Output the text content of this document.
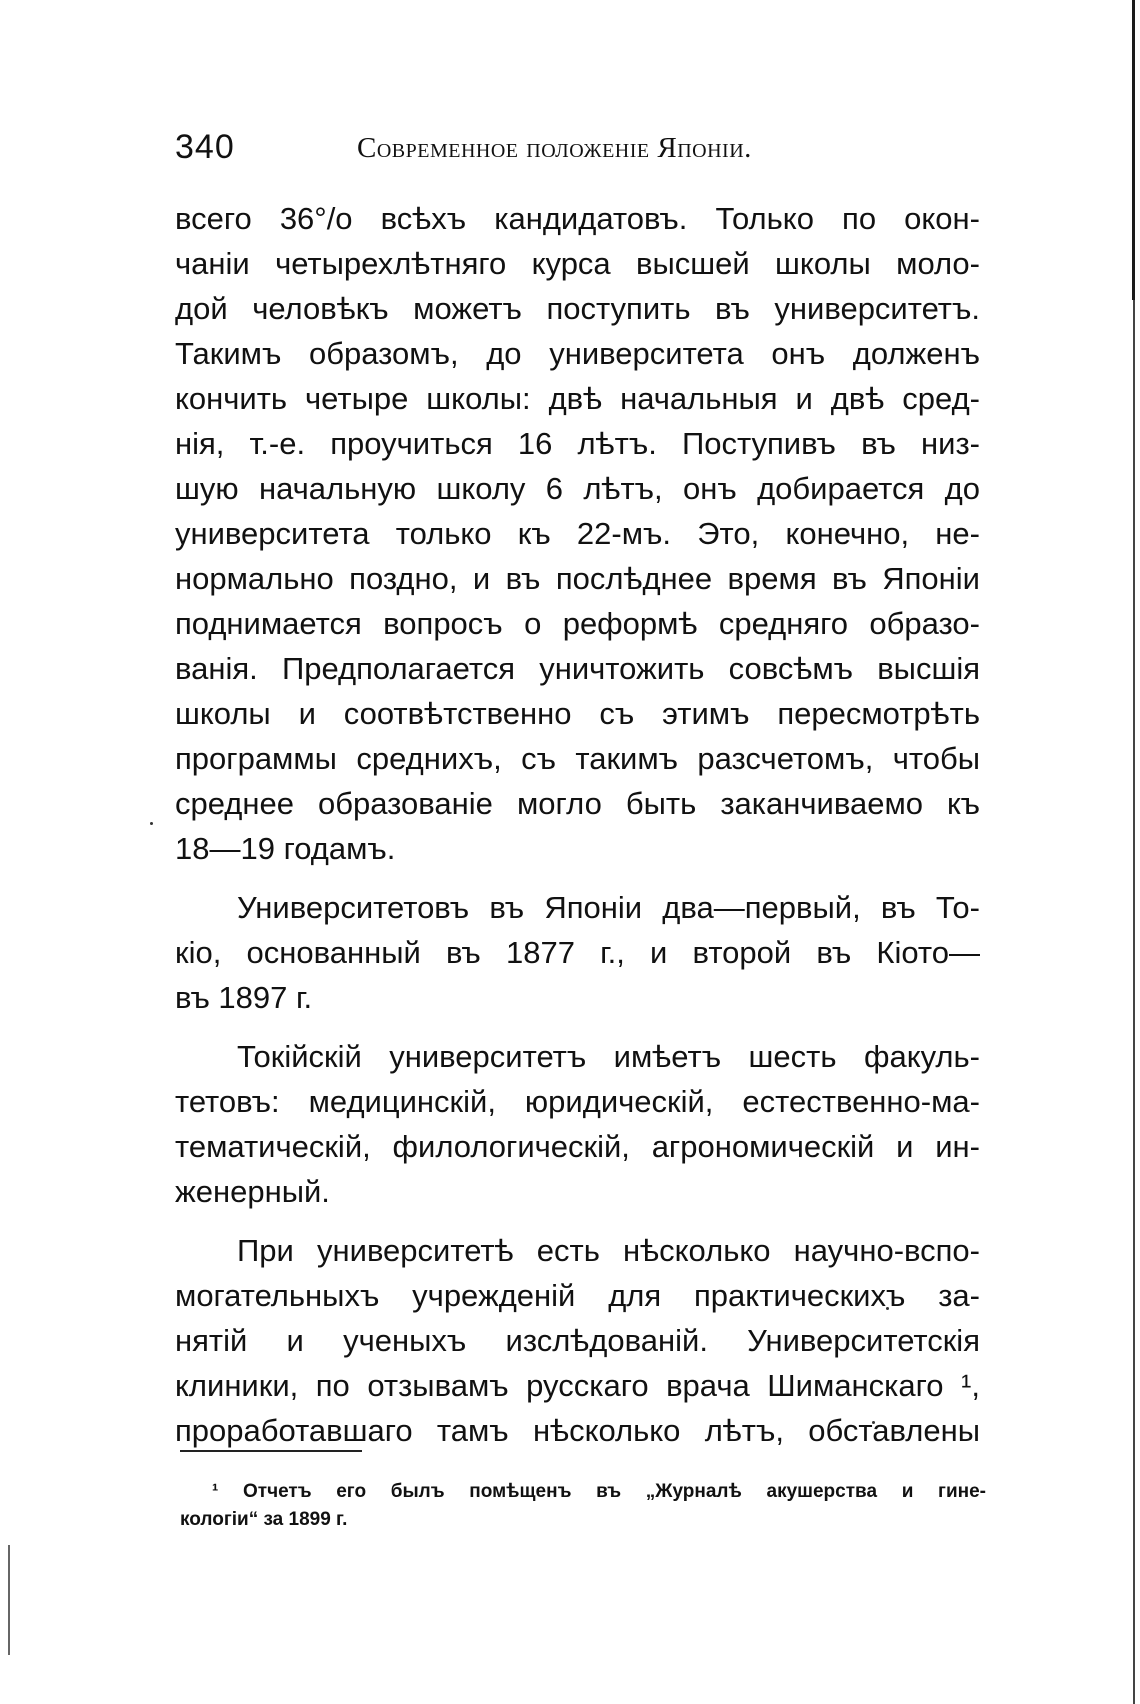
340	Современное положенiе Японiи.
всего 36°/о всѣхъ кандидатовъ. Только по окон-
чанiи четырехлѣтняго курса высшей школы моло-
дой человѣкъ можетъ поступить въ университетъ.
Такимъ образомъ, до университета онъ долженъ
кончить четыре школы: двѣ начальныя и двѣ сред-
нiя, т.-е. проучиться 16 лѣтъ. Поступивъ въ низ-
шую начальную школу 6 лѣтъ, онъ добирается до
университета только къ 22-мъ. Это, конечно, не-
нормально поздно, и въ послѣднее время въ Японiи
поднимается вопросъ о реформѣ средняго образо-
ванiя. Предполагается уничтожить совсѣмъ высшiя
школы и соотвѣтственно съ этимъ пересмотрѣть
программы среднихъ, съ такимъ разсчетомъ, чтобы
среднее образованiе могло быть заканчиваемо къ
18—19 годамъ.
Университетовъ въ Японiи два—первый, въ То-
кiо, основанный въ 1877 г., и второй въ Кiото—
въ 1897 г.
Токiйскiй университетъ имѣетъ шесть факуль-
тетовъ: медицинскiй, юридическiй, естественно-ма-
тематическiй, филологическiй, агрономическiй и ин-
женерный.
При университетѣ есть нѣсколько научно-вспо-
могательныхъ учрежденiй для практическихъ за-
нятiй и ученыхъ изслѣдованiй. Университетскiя
клиники, по отзывамъ русскаго врача Шиманскаго ¹,
проработавшаго тамъ нѣсколько лѣтъ, обставлены
¹ Отчетъ его былъ помѣщенъ въ „Журналѣ акушерства и гине-
кологiи“ за 1899 г.
